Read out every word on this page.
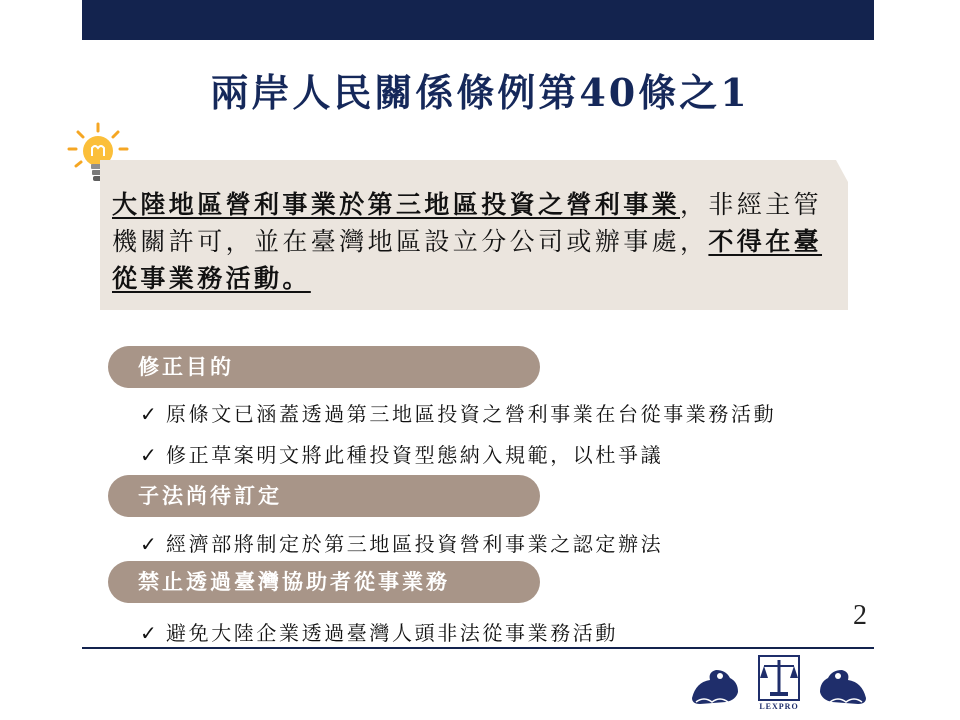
兩岸人民關係條例第40條之1
大陸地區營利事業於第三地區投資之營利事業，非經主管機關許可，並在臺灣地區設立分公司或辦事處，不得在臺從事業務活動。
修正目的
✓ 原條文已涵蓋透過第三地區投資之營利事業在台從事業務活動
✓ 修正草案明文將此種投資型態納入規範，以杜爭議
子法尚待訂定
✓ 經濟部將制定於第三地區投資營利事業之認定辦法
禁止透過臺灣協助者從事業務
✓ 避免大陸企業透過臺灣人頭非法從事業務活動
2
LEXPRO
